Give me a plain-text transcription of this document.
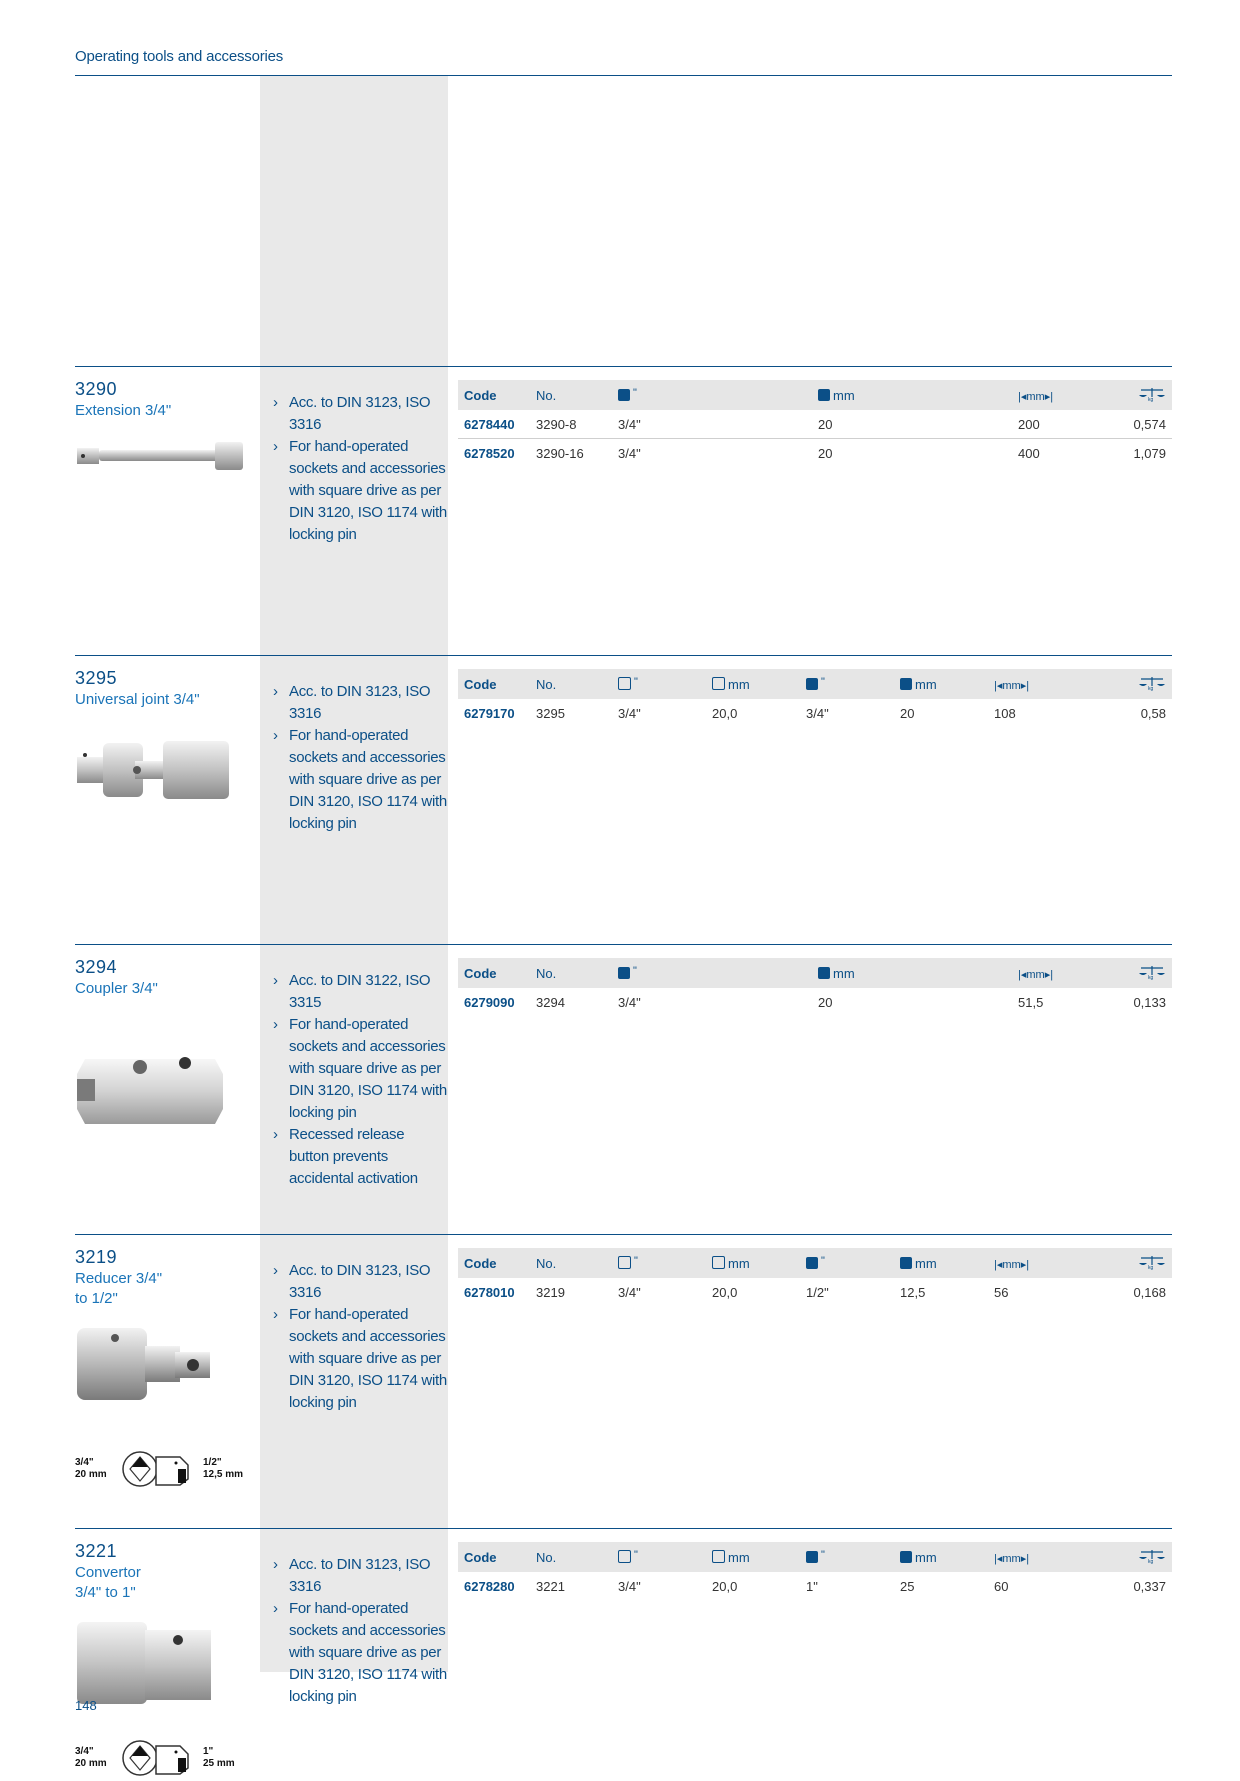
Operating tools and accessories
3290
Extension 3/4"	› Acc. to DIN 3123, ISO 3316
› For hand-operated sockets and accessories with square drive as per DIN 3120, ISO 1174 with locking pin
Code	No.	"	mm	|◂mm▸|	kg

6278440	3290-8	3/4"	20	200	0,574
6278520	3290-16	3/4"	20	400	1,079
3295
Universal joint 3/4"	› Acc. to DIN 3123, ISO 3316
› For hand-operated sockets and accessories with square drive as per DIN 3120, ISO 1174 with locking pin
Code	No.	"	mm	"	mm	|◂mm▸|	kg

6279170	3295	3/4"	20,0	3/4"	20	108	0,58
3294
Coupler 3/4"	› Acc. to DIN 3122, ISO 3315
› For hand-operated sockets and accessories with square drive as per DIN 3120, ISO 1174 with locking pin
› Recessed release button prevents accidental activation
Code	No.	"	mm	|◂mm▸|	kg

6279090	3294	3/4"	20	51,5	0,133
3219
Reducer 3/4"
to 1/2"
3/4"
20 mm
1/2"
12,5 mm
› Acc. to DIN 3123, ISO 3316
› For hand-operated sockets and accessories with square drive as per DIN 3120, ISO 1174 with locking pin
Code	No.	"	mm	"	mm	|◂mm▸|	kg

6278010	3219	3/4"	20,0	1/2"	12,5	56	0,168
3221
Convertor
3/4" to 1"
3/4"
20 mm
1"
25 mm
› Acc. to DIN 3123, ISO 3316
› For hand-operated sockets and accessories with square drive as per DIN 3120, ISO 1174 with locking pin
Code	No.	"	mm	"	mm	|◂mm▸|	kg

6278280	3221	3/4"	20,0	1"	25	60	0,337
148
